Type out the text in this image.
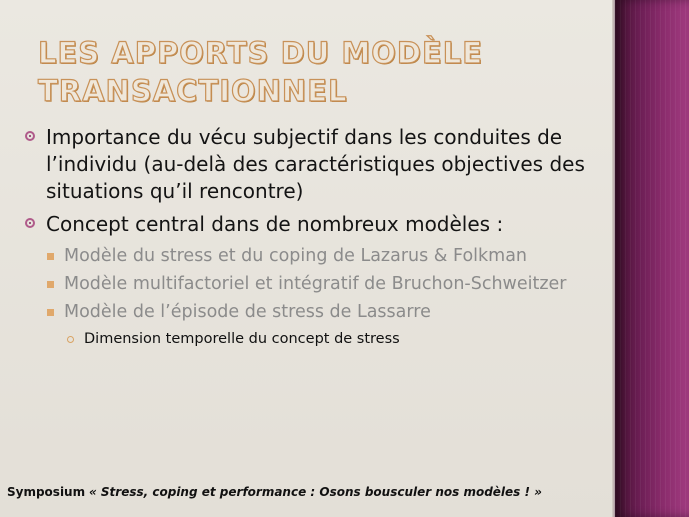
LES APPORTS DU MODÈLE
TRANSACTIONNEL

Importance du vécu subjectif dans les conduites de l’individu (au-delà des caractéristiques objectives des situations qu’il rencontre)

Concept central dans de nombreux modèles :

Modèle du stress et du coping de Lazarus & Folkman

Modèle multifactoriel et intégratif de Bruchon-Schweitzer

Modèle de l’épisode de stress de Lassarre

Dimension temporelle du concept de stress

Symposium « Stress, coping et performance : Osons bousculer nos modèles ! »
